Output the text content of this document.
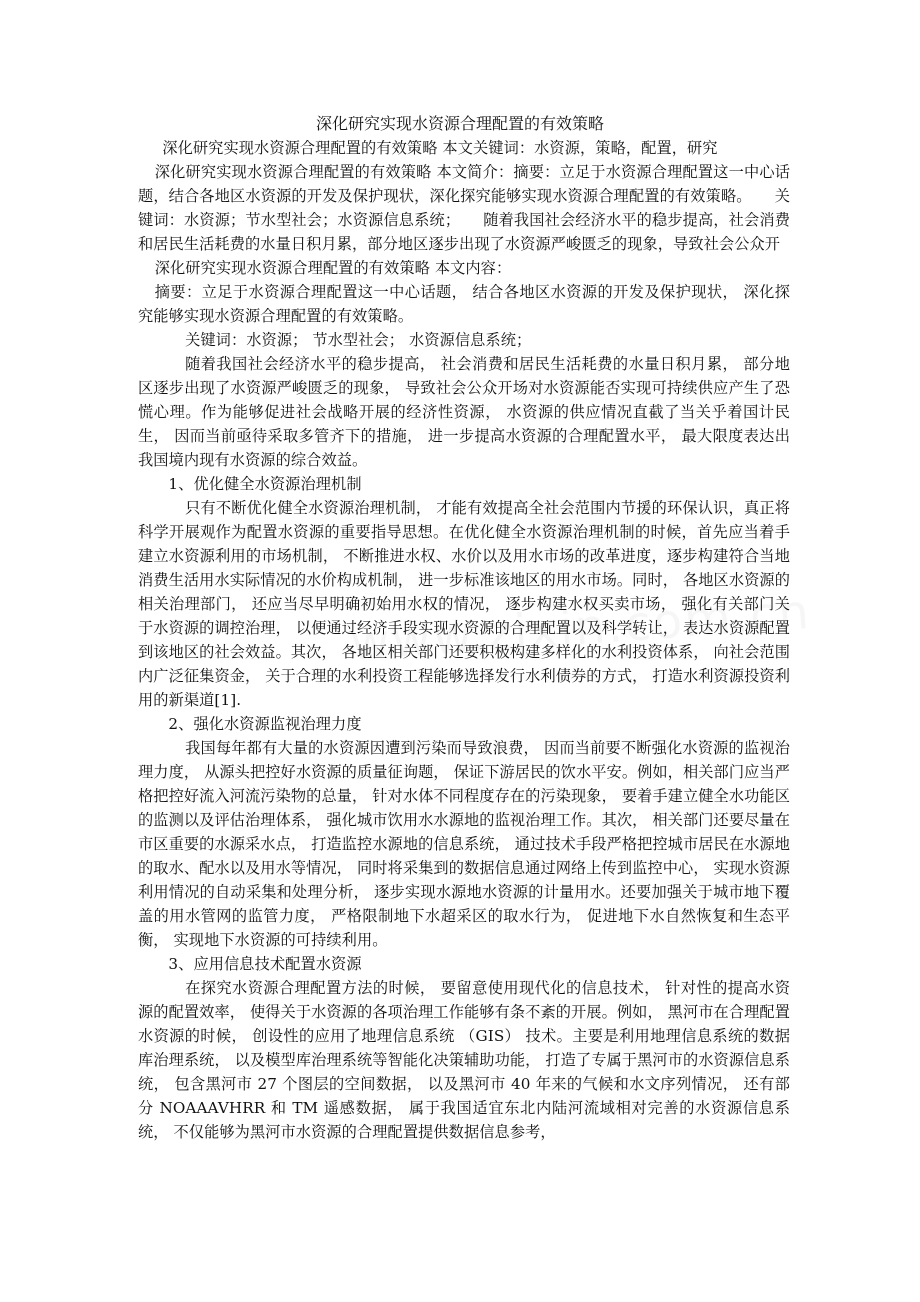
深化研究实现水资源合理配置的有效策略

深化研究实现水资源合理配置的有效策略 本文关键词：水资源，策略，配置，研究

深化研究实现水资源合理配置的有效策略 本文简介：摘要：立足于水资源合理配置这一中心话题，结合各地区水资源的开发及保护现状，深化探究能够实现水资源合理配置的有效策略。　　关键词：水资源；节水型社会；水资源信息系统；　　随着我国社会经济水平的稳步提高，社会消费和居民生活耗费的水量日积月累，部分地区逐步出现了水资源严峻匮乏的现象，导致社会公众开

深化研究实现水资源合理配置的有效策略 本文内容：

摘要：立足于水资源合理配置这一中心话题， 结合各地区水资源的开发及保护现状， 深化探究能够实现水资源合理配置的有效策略。

关键词：水资源； 节水型社会； 水资源信息系统；

随着我国社会经济水平的稳步提高， 社会消费和居民生活耗费的水量日积月累， 部分地区逐步出现了水资源严峻匮乏的现象， 导致社会公众开场对水资源能否实现可持续供应产生了恐慌心理。作为能够促进社会战略开展的经济性资源， 水资源的供应情况直截了当关乎着国计民生， 因而当前亟待采取多管齐下的措施， 进一步提高水资源的合理配置水平， 最大限度表达出我国境内现有水资源的综合效益。

1、优化健全水资源治理机制

只有不断优化健全水资源治理机制， 才能有效提高全社会范围内节援的环保认识，真正将科学开展观作为配置水资源的重要指导思想。在优化健全水资源治理机制的时候，首先应当着手建立水资源利用的市场机制， 不断推进水权、水价以及用水市场的改革进度，逐步构建符合当地消费生活用水实际情况的水价构成机制， 进一步标准该地区的用水市场。同时， 各地区水资源的相关治理部门， 还应当尽早明确初始用水权的情况， 逐步构建水权买卖市场， 强化有关部门关于水资源的调控治理， 以便通过经济手段实现水资源的合理配置以及科学转让， 表达水资源配置到该地区的社会效益。其次， 各地区相关部门还要积极构建多样化的水利投资体系， 向社会范围内广泛征集资金， 关于合理的水利投资工程能够选择发行水利债券的方式， 打造水利资源投资利用的新渠道[1].

2、强化水资源监视治理力度

我国每年都有大量的水资源因遭到污染而导致浪费， 因而当前要不断强化水资源的监视治理力度， 从源头把控好水资源的质量征询题， 保证下游居民的饮水平安。例如，相关部门应当严格把控好流入河流污染物的总量， 针对水体不同程度存在的污染现象， 要着手建立健全水功能区的监测以及评估治理体系， 强化城市饮用水水源地的监视治理工作。其次， 相关部门还要尽量在市区重要的水源采水点， 打造监控水源地的信息系统， 通过技术手段严格把控城市居民在水源地的取水、配水以及用水等情况， 同时将采集到的数据信息通过网络上传到监控中心， 实现水资源利用情况的自动采集和处理分析， 逐步实现水源地水资源的计量用水。还要加强关于城市地下覆盖的用水管网的监管力度， 严格限制地下水超采区的取水行为， 促进地下水自然恢复和生态平衡， 实现地下水资源的可持续利用。

3、应用信息技术配置水资源

在探究水资源合理配置方法的时候， 要留意使用现代化的信息技术， 针对性的提高水资源的配置效率， 使得关于水资源的各项治理工作能够有条不紊的开展。例如， 黑河市在合理配置水资源的时候， 创设性的应用了地理信息系统 （GIS） 技术。主要是利用地理信息系统的数据库治理系统， 以及模型库治理系统等智能化决策辅助功能， 打造了专属于黑河市的水资源信息系统， 包含黑河市 27 个图层的空间数据， 以及黑河市 40 年来的气候和水文序列情况， 还有部分 NOAAAVHRR 和 TM 遥感数据， 属于我国适宜东北内陆河流域相对完善的水资源信息系统， 不仅能够为黑河市水资源的合理配置提供数据信息参考，
